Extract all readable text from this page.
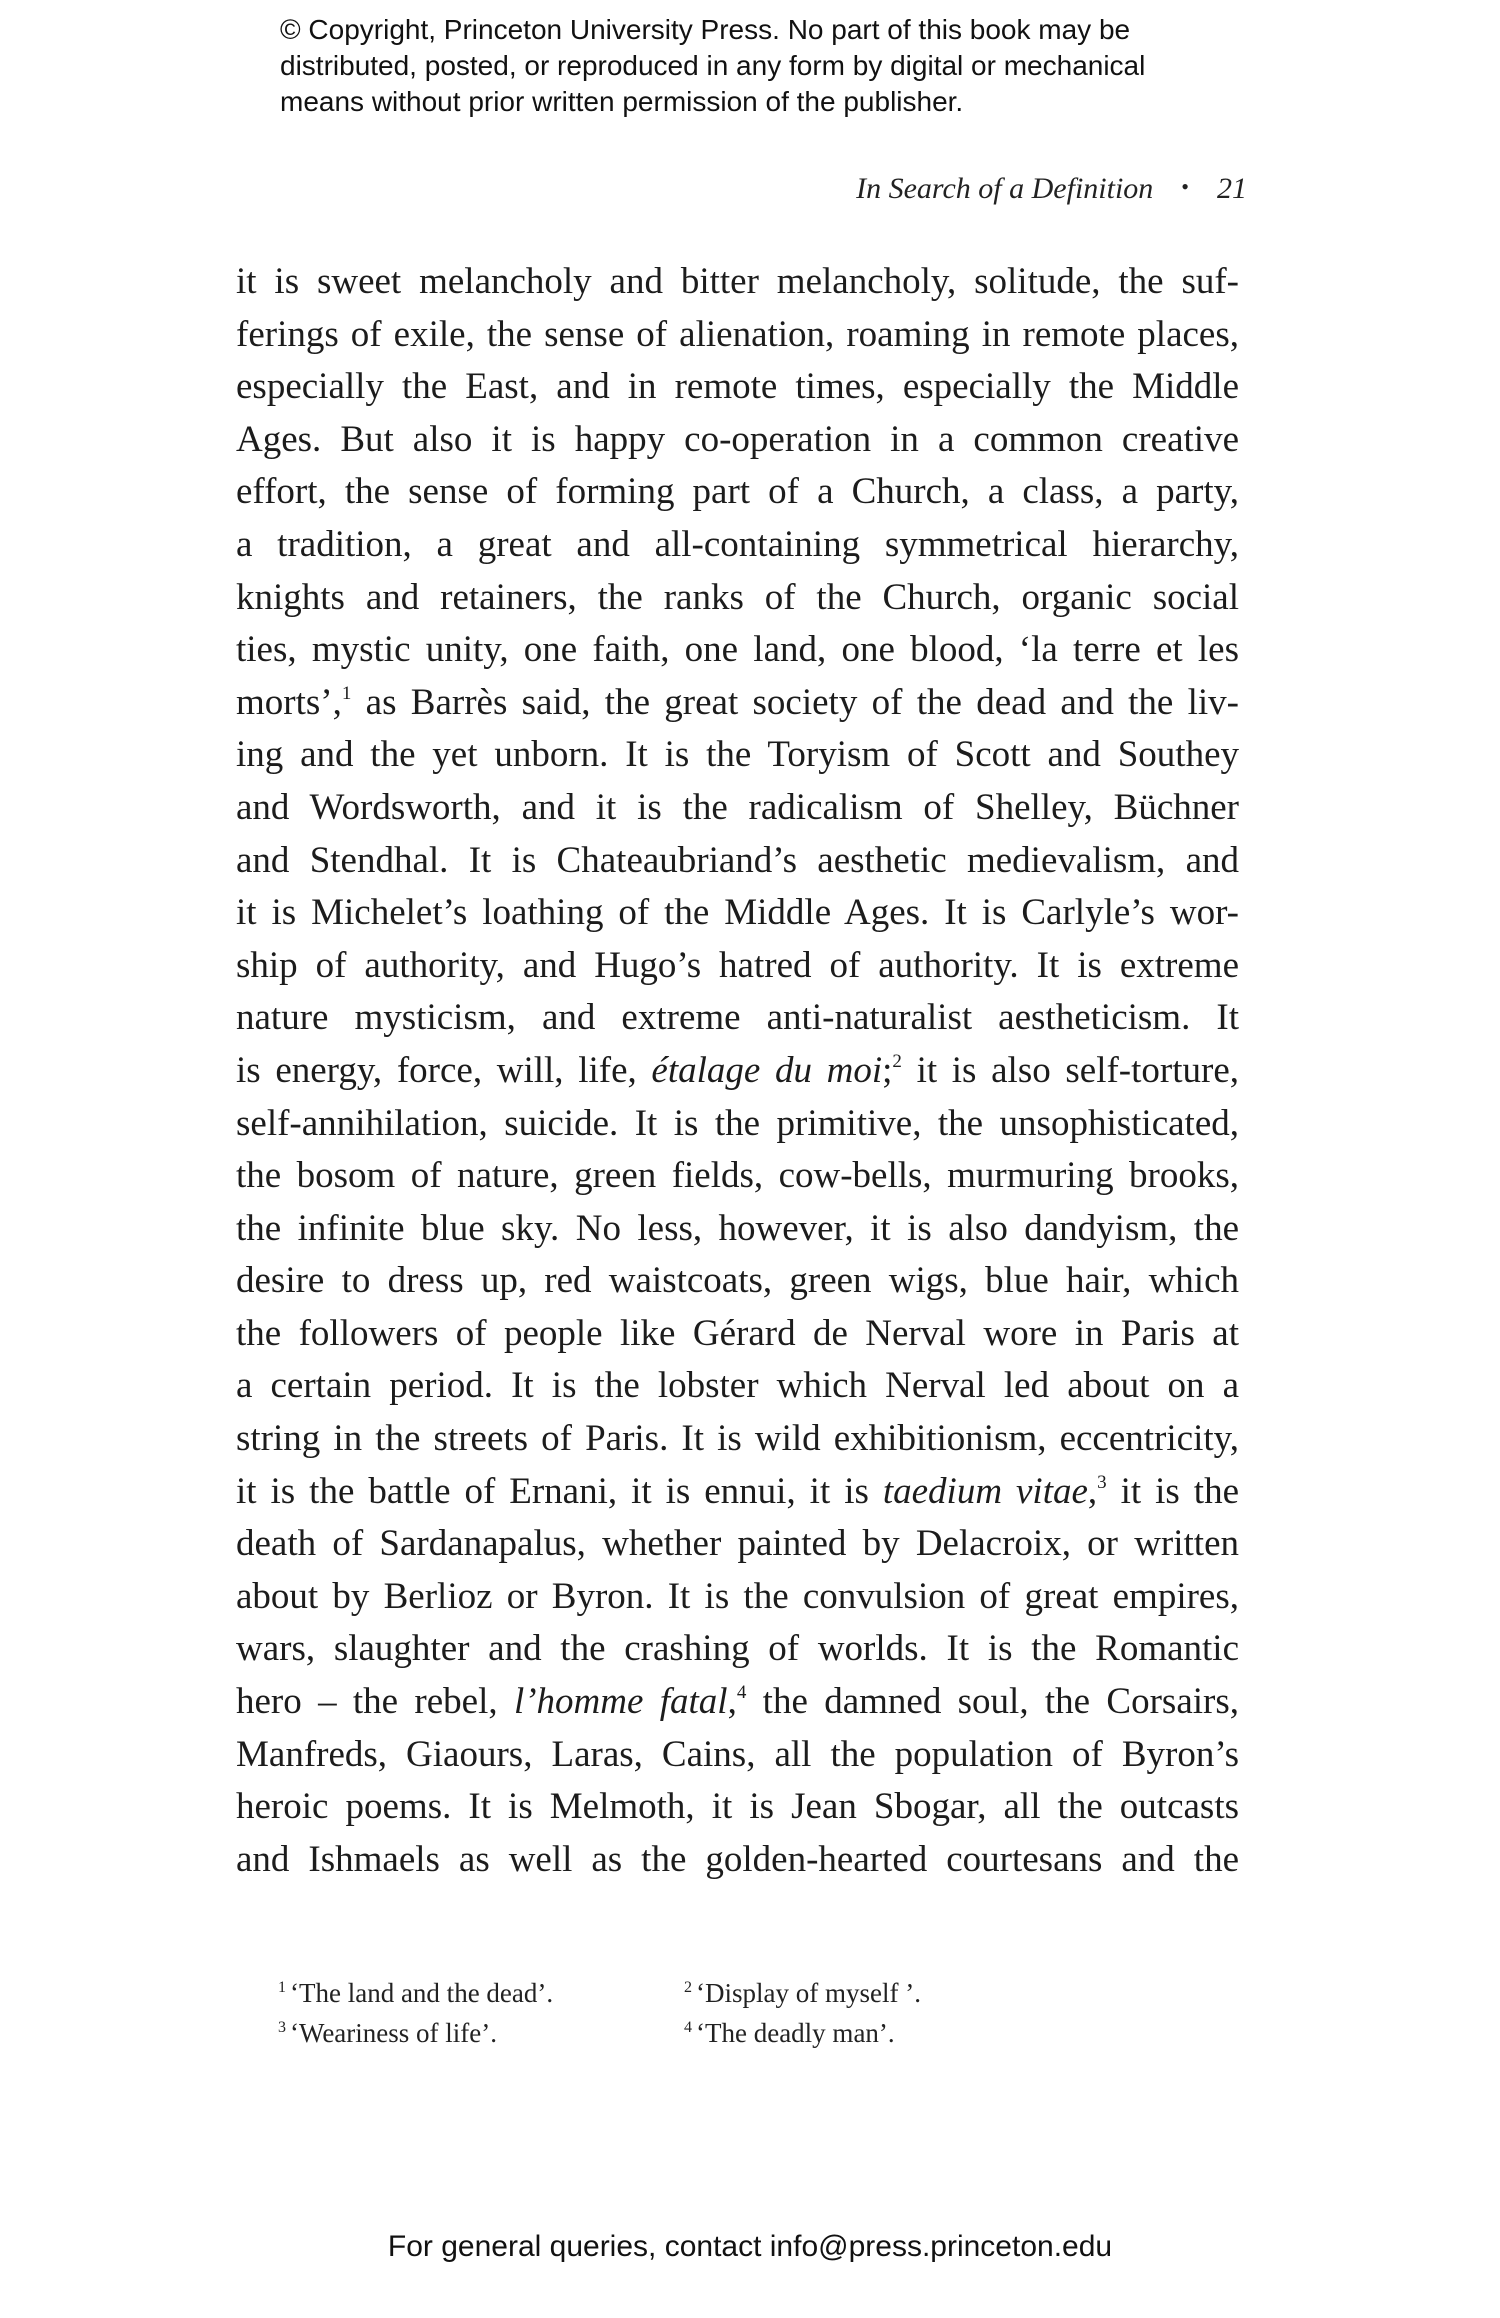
© Copyright, Princeton University Press. No part of this book may be
distributed, posted, or reproduced in any form by digital or mechanical
means without prior written permission of the publisher.
In Search of a Definition • 21
it is sweet melancholy and bitter melancholy, solitude, the suf-
ferings of exile, the sense of alienation, roaming in remote places,
especially the East, and in remote times, especially the Middle
Ages. But also it is happy co-operation in a common creative
effort, the sense of forming part of a Church, a class, a party,
a tradition, a great and all-containing symmetrical hierarchy,
knights and retainers, the ranks of the Church, organic social
ties, mystic unity, one faith, one land, one blood, ‘la terre et les
morts’,$^1$ as Barrès said, the great society of the dead and the liv-
ing and the yet unborn. It is the Toryism of Scott and Southey
and Wordsworth, and it is the radicalism of Shelley, Büchner
and Stendhal. It is Chateaubriand’s aesthetic medievalism, and
it is Michelet’s loathing of the Middle Ages. It is Carlyle’s wor-
ship of authority, and Hugo’s hatred of authority. It is extreme
nature mysticism, and extreme anti-naturalist aestheticism. It
is energy, force, will, life, étalage du moi;$^2$ it is also self-torture,
self-annihilation, suicide. It is the primitive, the unsophisticated,
the bosom of nature, green fields, cow-bells, murmuring brooks,
the infinite blue sky. No less, however, it is also dandyism, the
desire to dress up, red waistcoats, green wigs, blue hair, which
the followers of people like Gérard de Nerval wore in Paris at
a certain period. It is the lobster which Nerval led about on a
string in the streets of Paris. It is wild exhibitionism, eccentricity,
it is the battle of Ernani, it is ennui, it is taedium vitae,$^3$ it is the
death of Sardanapalus, whether painted by Delacroix, or written
about by Berlioz or Byron. It is the convulsion of great empires,
wars, slaughter and the crashing of worlds. It is the Romantic
hero – the rebel, l’homme fatal,$^4$ the damned soul, the Corsairs,
Manfreds, Giaours, Laras, Cains, all the population of Byron’s
heroic poems. It is Melmoth, it is Jean Sbogar, all the outcasts
and Ishmaels as well as the golden-hearted courtesans and the
$^1$ ‘The land and the dead’.	$^2$ ‘Display of myself ’.
$^3$ ‘Weariness of life’.	$^4$ ‘The deadly man’.
For general queries, contact info@press.princeton.edu
